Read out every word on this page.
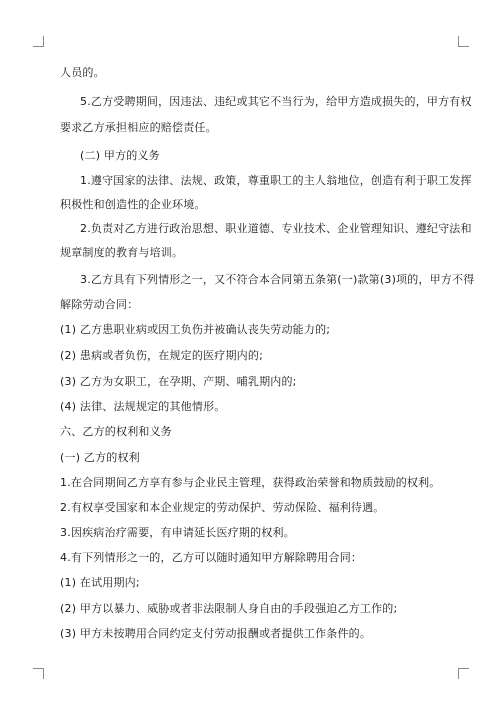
人员的。
5.乙方受聘期间，因违法、违纪或其它不当行为，给甲方造成损失的，甲方有权
要求乙方承担相应的赔偿责任。
(二) 甲方的义务
1.遵守国家的法律、法规、政策，尊重职工的主人翁地位，创造有利于职工发挥
积极性和创造性的企业环境。
2.负责对乙方进行政治思想、职业道德、专业技术、企业管理知识、遵纪守法和
规章制度的教育与培训。
3.乙方具有下列情形之一，又不符合本合同第五条第(一)款第(3)项的，甲方不得
解除劳动合同：
(1) 乙方患职业病或因工负伤并被确认丧失劳动能力的;
(2) 患病或者负伤，在规定的医疗期内的;
(3) 乙方为女职工，在孕期、产期、哺乳期内的;
(4) 法律、法规规定的其他情形。
六、乙方的权利和义务
(一) 乙方的权利
1.在合同期间乙方享有参与企业民主管理，获得政治荣誉和物质鼓励的权利。
2.有权享受国家和本企业规定的劳动保护、劳动保险、福利待遇。
3.因疾病治疗需要，有申请延长医疗期的权利。
4.有下列情形之一的，乙方可以随时通知甲方解除聘用合同：
(1) 在试用期内;
(2) 甲方以暴力、威胁或者非法限制人身自由的手段强迫乙方工作的;
(3) 甲方未按聘用合同约定支付劳动报酬或者提供工作条件的。
